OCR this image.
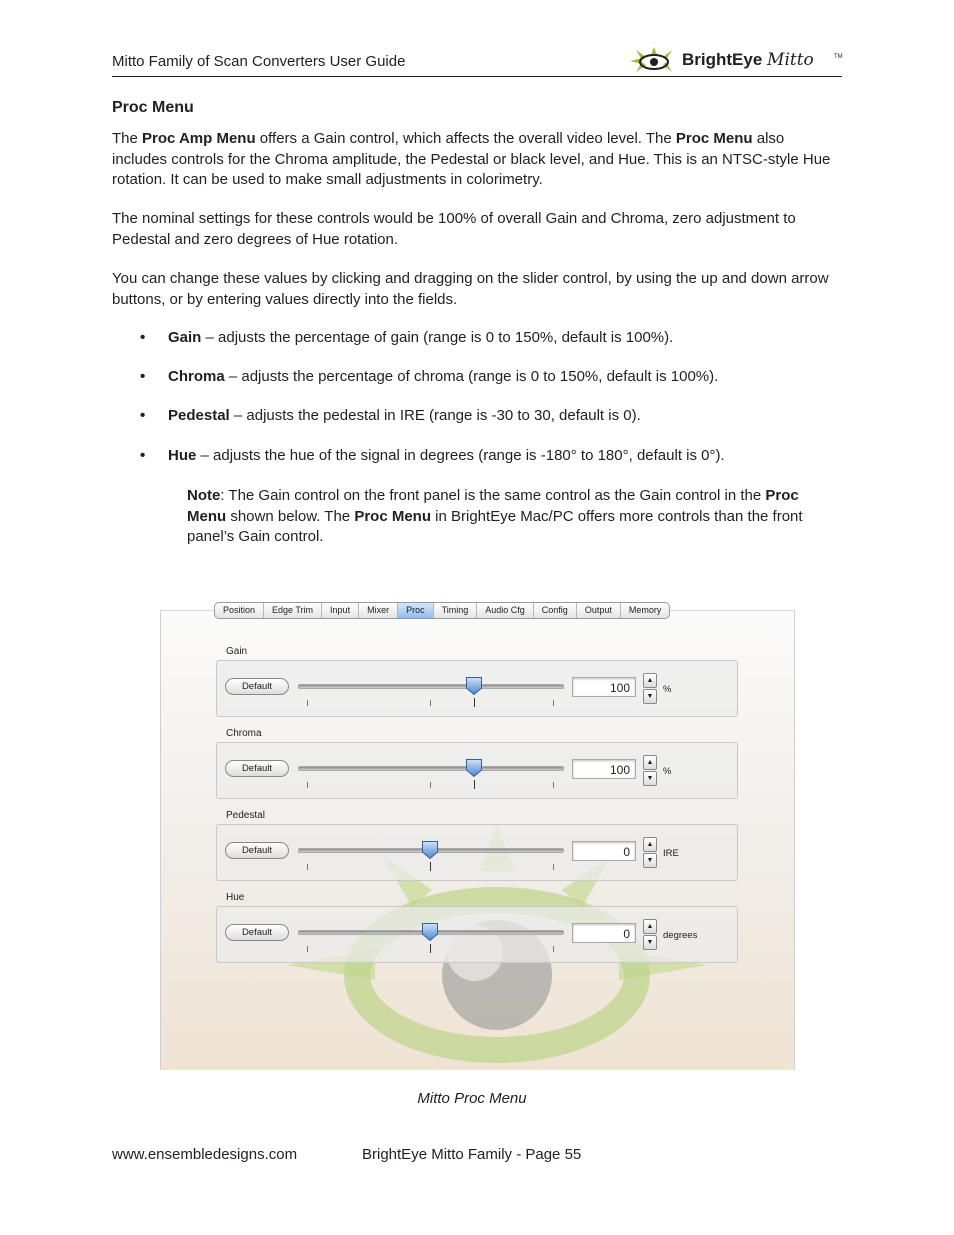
Mitto Family of Scan Converters User Guide	BrightEye Mitto	TM
Proc Menu

The Proc Amp Menu offers a Gain control, which affects the overall video level. The Proc Menu also includes controls for the Chroma amplitude, the Pedestal or black level, and Hue. This is an NTSC-style Hue rotation. It can be used to make small adjustments in colorimetry.

The nominal settings for these controls would be 100% of overall Gain and Chroma, zero adjustment to Pedestal and zero degrees of Hue rotation.

You can change these values by clicking and dragging on the slider control, by using the up and down arrow buttons, or by entering values directly into the fields.

• Gain – adjusts the percentage of gain (range is 0 to 150%, default is 100%).
• Chroma – adjusts the percentage of chroma (range is 0 to 150%, default is 100%).
• Pedestal – adjusts the pedestal in IRE (range is -30 to 30, default is 0).
• Hue – adjusts the hue of the signal in degrees (range is -180° to 180°, default is 0°).

Note: The Gain control on the front panel is the same control as the Gain control in the Proc Menu shown below. The Proc Menu in BrightEye Mac/PC offers more controls than the front panel’s Gain control.

Position	Edge Trim	Input	Mixer	Proc	Timing	Audio Cfg	Config	Output	Memory
Gain
Default	100
▲
▼
%
Chroma
Default	100
▲
▼
%
Pedestal
Default	0
▲
▼
IRE
Hue
Default	0
▲
▼
degrees
Mitto Proc Menu
www.ensembledesigns.com	BrightEye Mitto Family - Page 55
